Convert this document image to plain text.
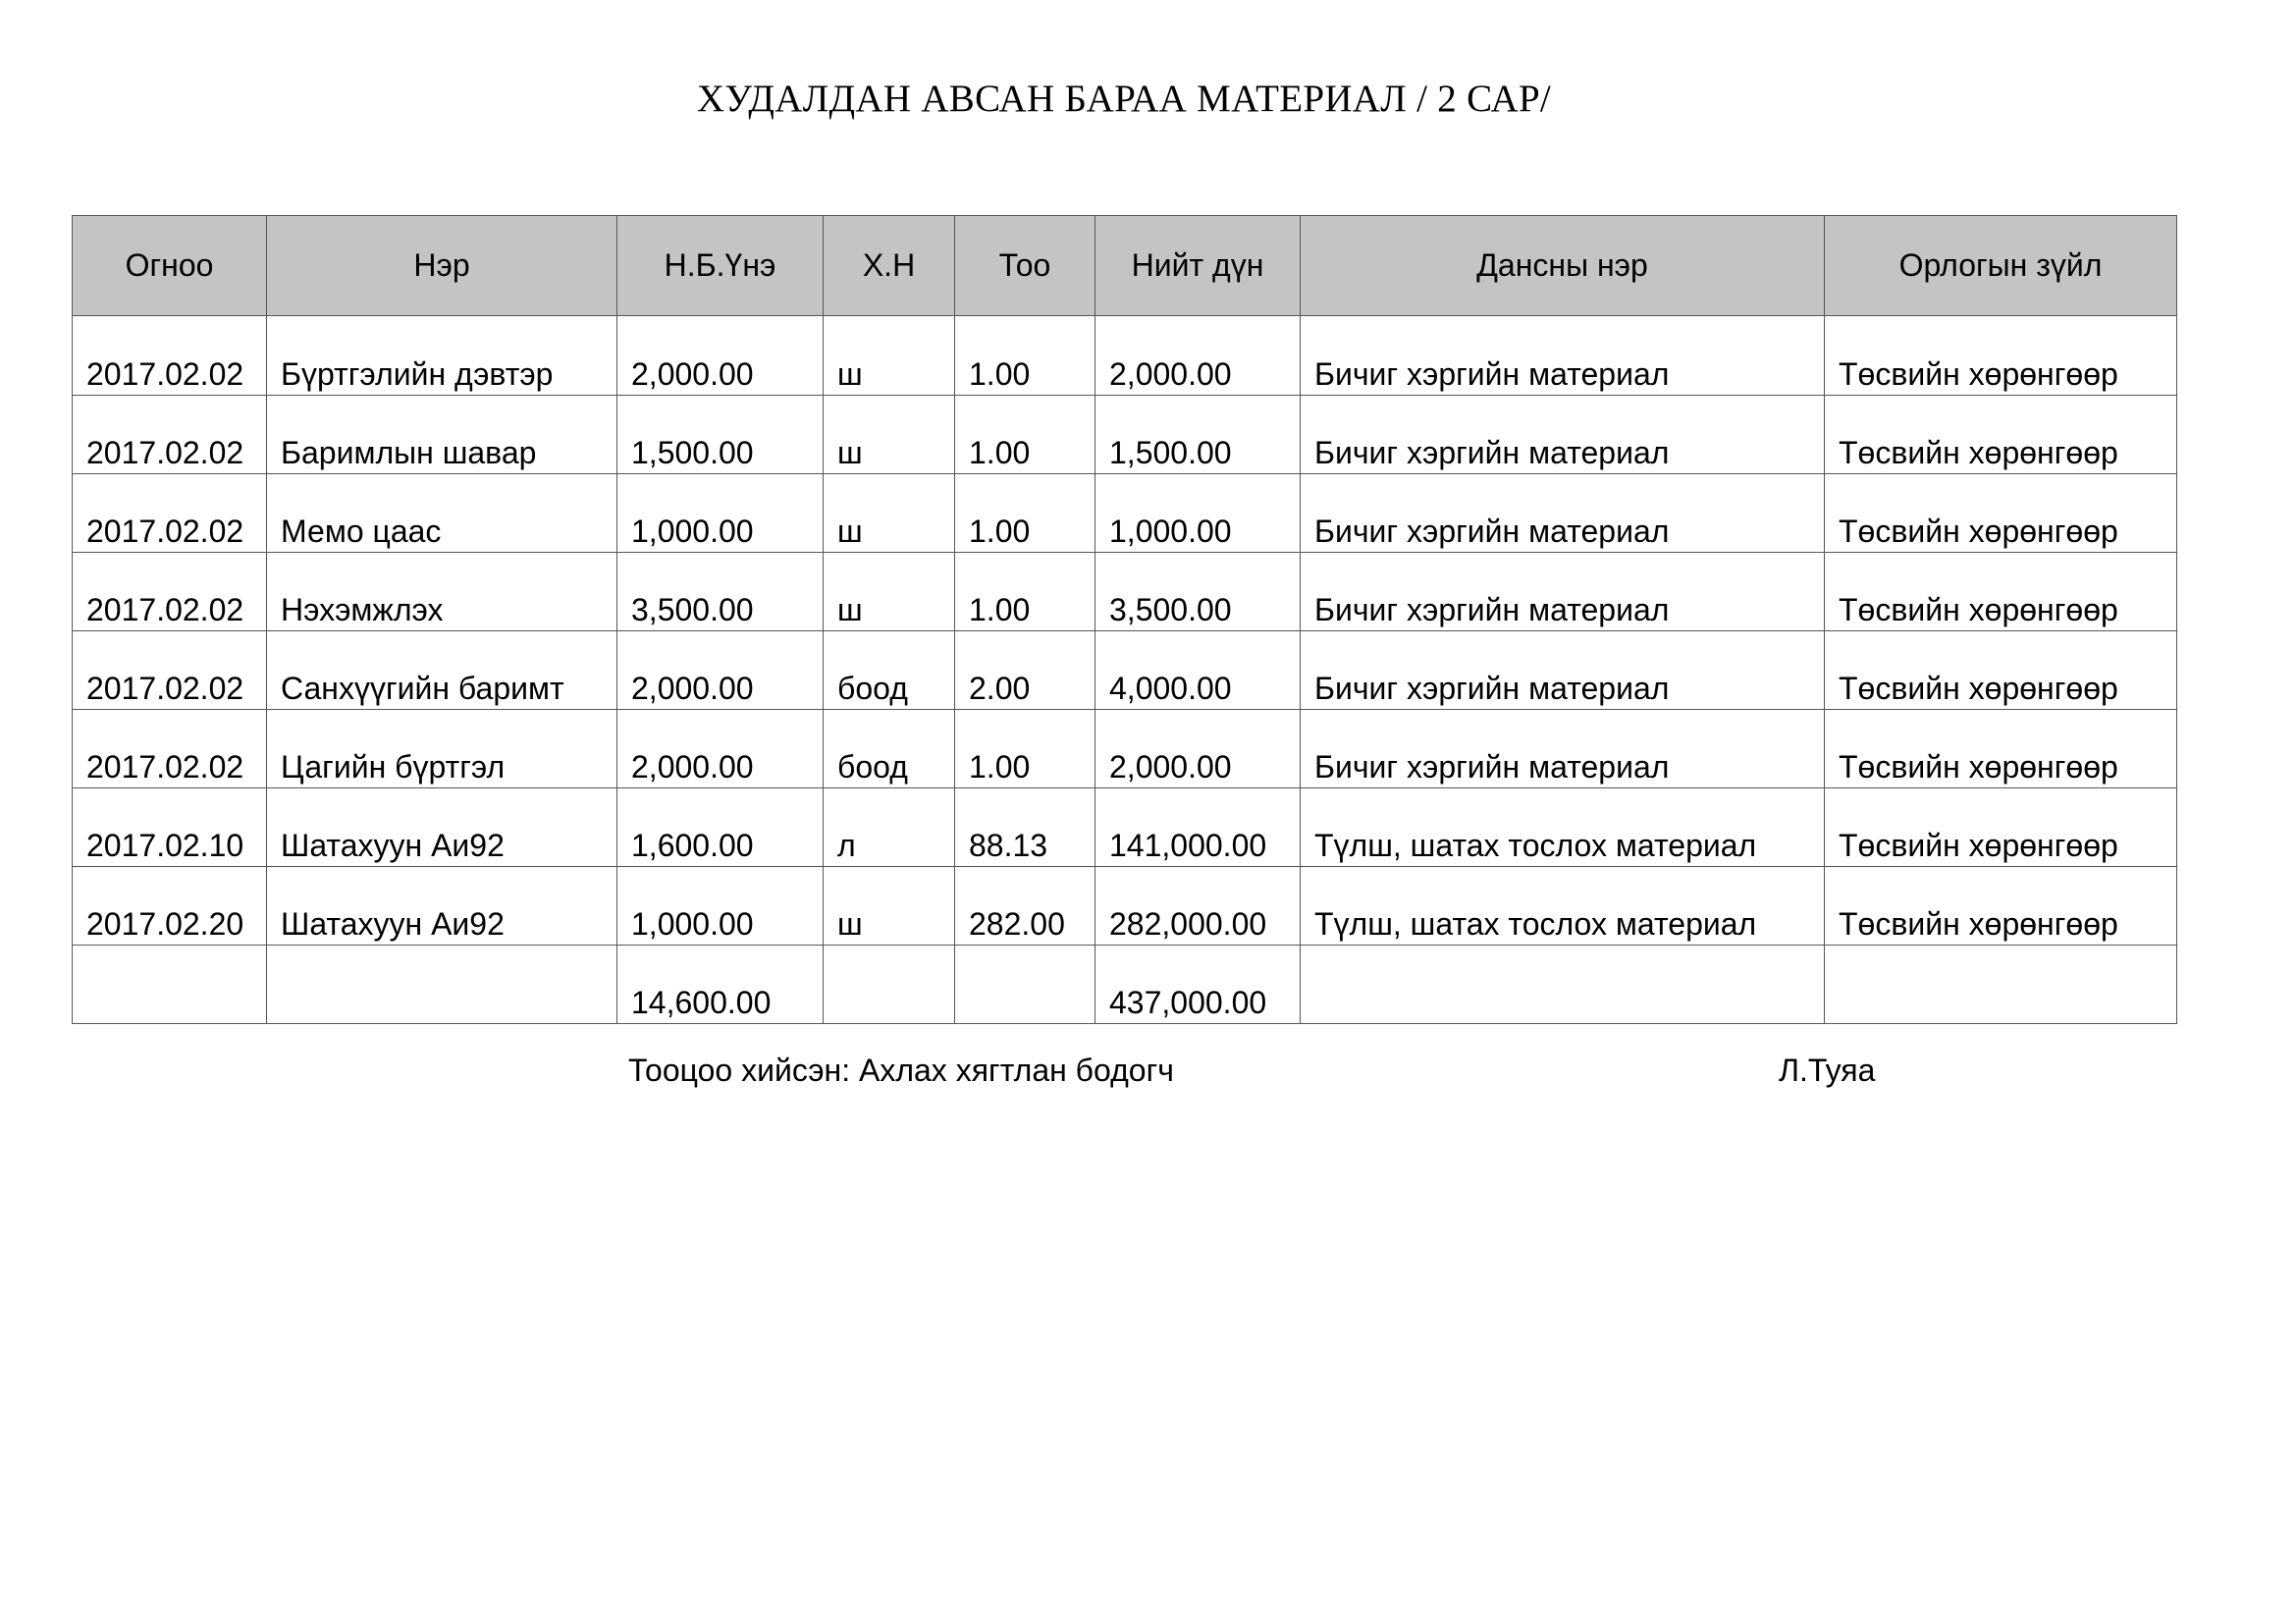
ХУДАЛДАН АВСАН БАРАА МАТЕРИАЛ / 2 САР/
Огноо	Нэр	Н.Б.Үнэ	Х.Н	Тоо	Нийт дүн	Дансны нэр	Орлогын зүйл
2017.02.02	Бүртгэлийн дэвтэр	2,000.00	ш	1.00	2,000.00	Бичиг хэргийн материал	Төсвийн хөрөнгөөр
2017.02.02	Баримлын шавар	1,500.00	ш	1.00	1,500.00	Бичиг хэргийн материал	Төсвийн хөрөнгөөр
2017.02.02	Мемо цаас	1,000.00	ш	1.00	1,000.00	Бичиг хэргийн материал	Төсвийн хөрөнгөөр
2017.02.02	Нэхэмжлэх	3,500.00	ш	1.00	3,500.00	Бичиг хэргийн материал	Төсвийн хөрөнгөөр
2017.02.02	Санхүүгийн баримт	2,000.00	боод	2.00	4,000.00	Бичиг хэргийн материал	Төсвийн хөрөнгөөр
2017.02.02	Цагийн бүртгэл	2,000.00	боод	1.00	2,000.00	Бичиг хэргийн материал	Төсвийн хөрөнгөөр
2017.02.10	Шатахуун Аи92	1,600.00	л	88.13	141,000.00	Түлш, шатах тослох материал	Төсвийн хөрөнгөөр
2017.02.20	Шатахуун Аи92	1,000.00	ш	282.00	282,000.00	Түлш, шатах тослох материал	Төсвийн хөрөнгөөр
		14,600.00			437,000.00		
Тооцоо хийсэн: Ахлах хягтлан бодогч	Л.Туяа
